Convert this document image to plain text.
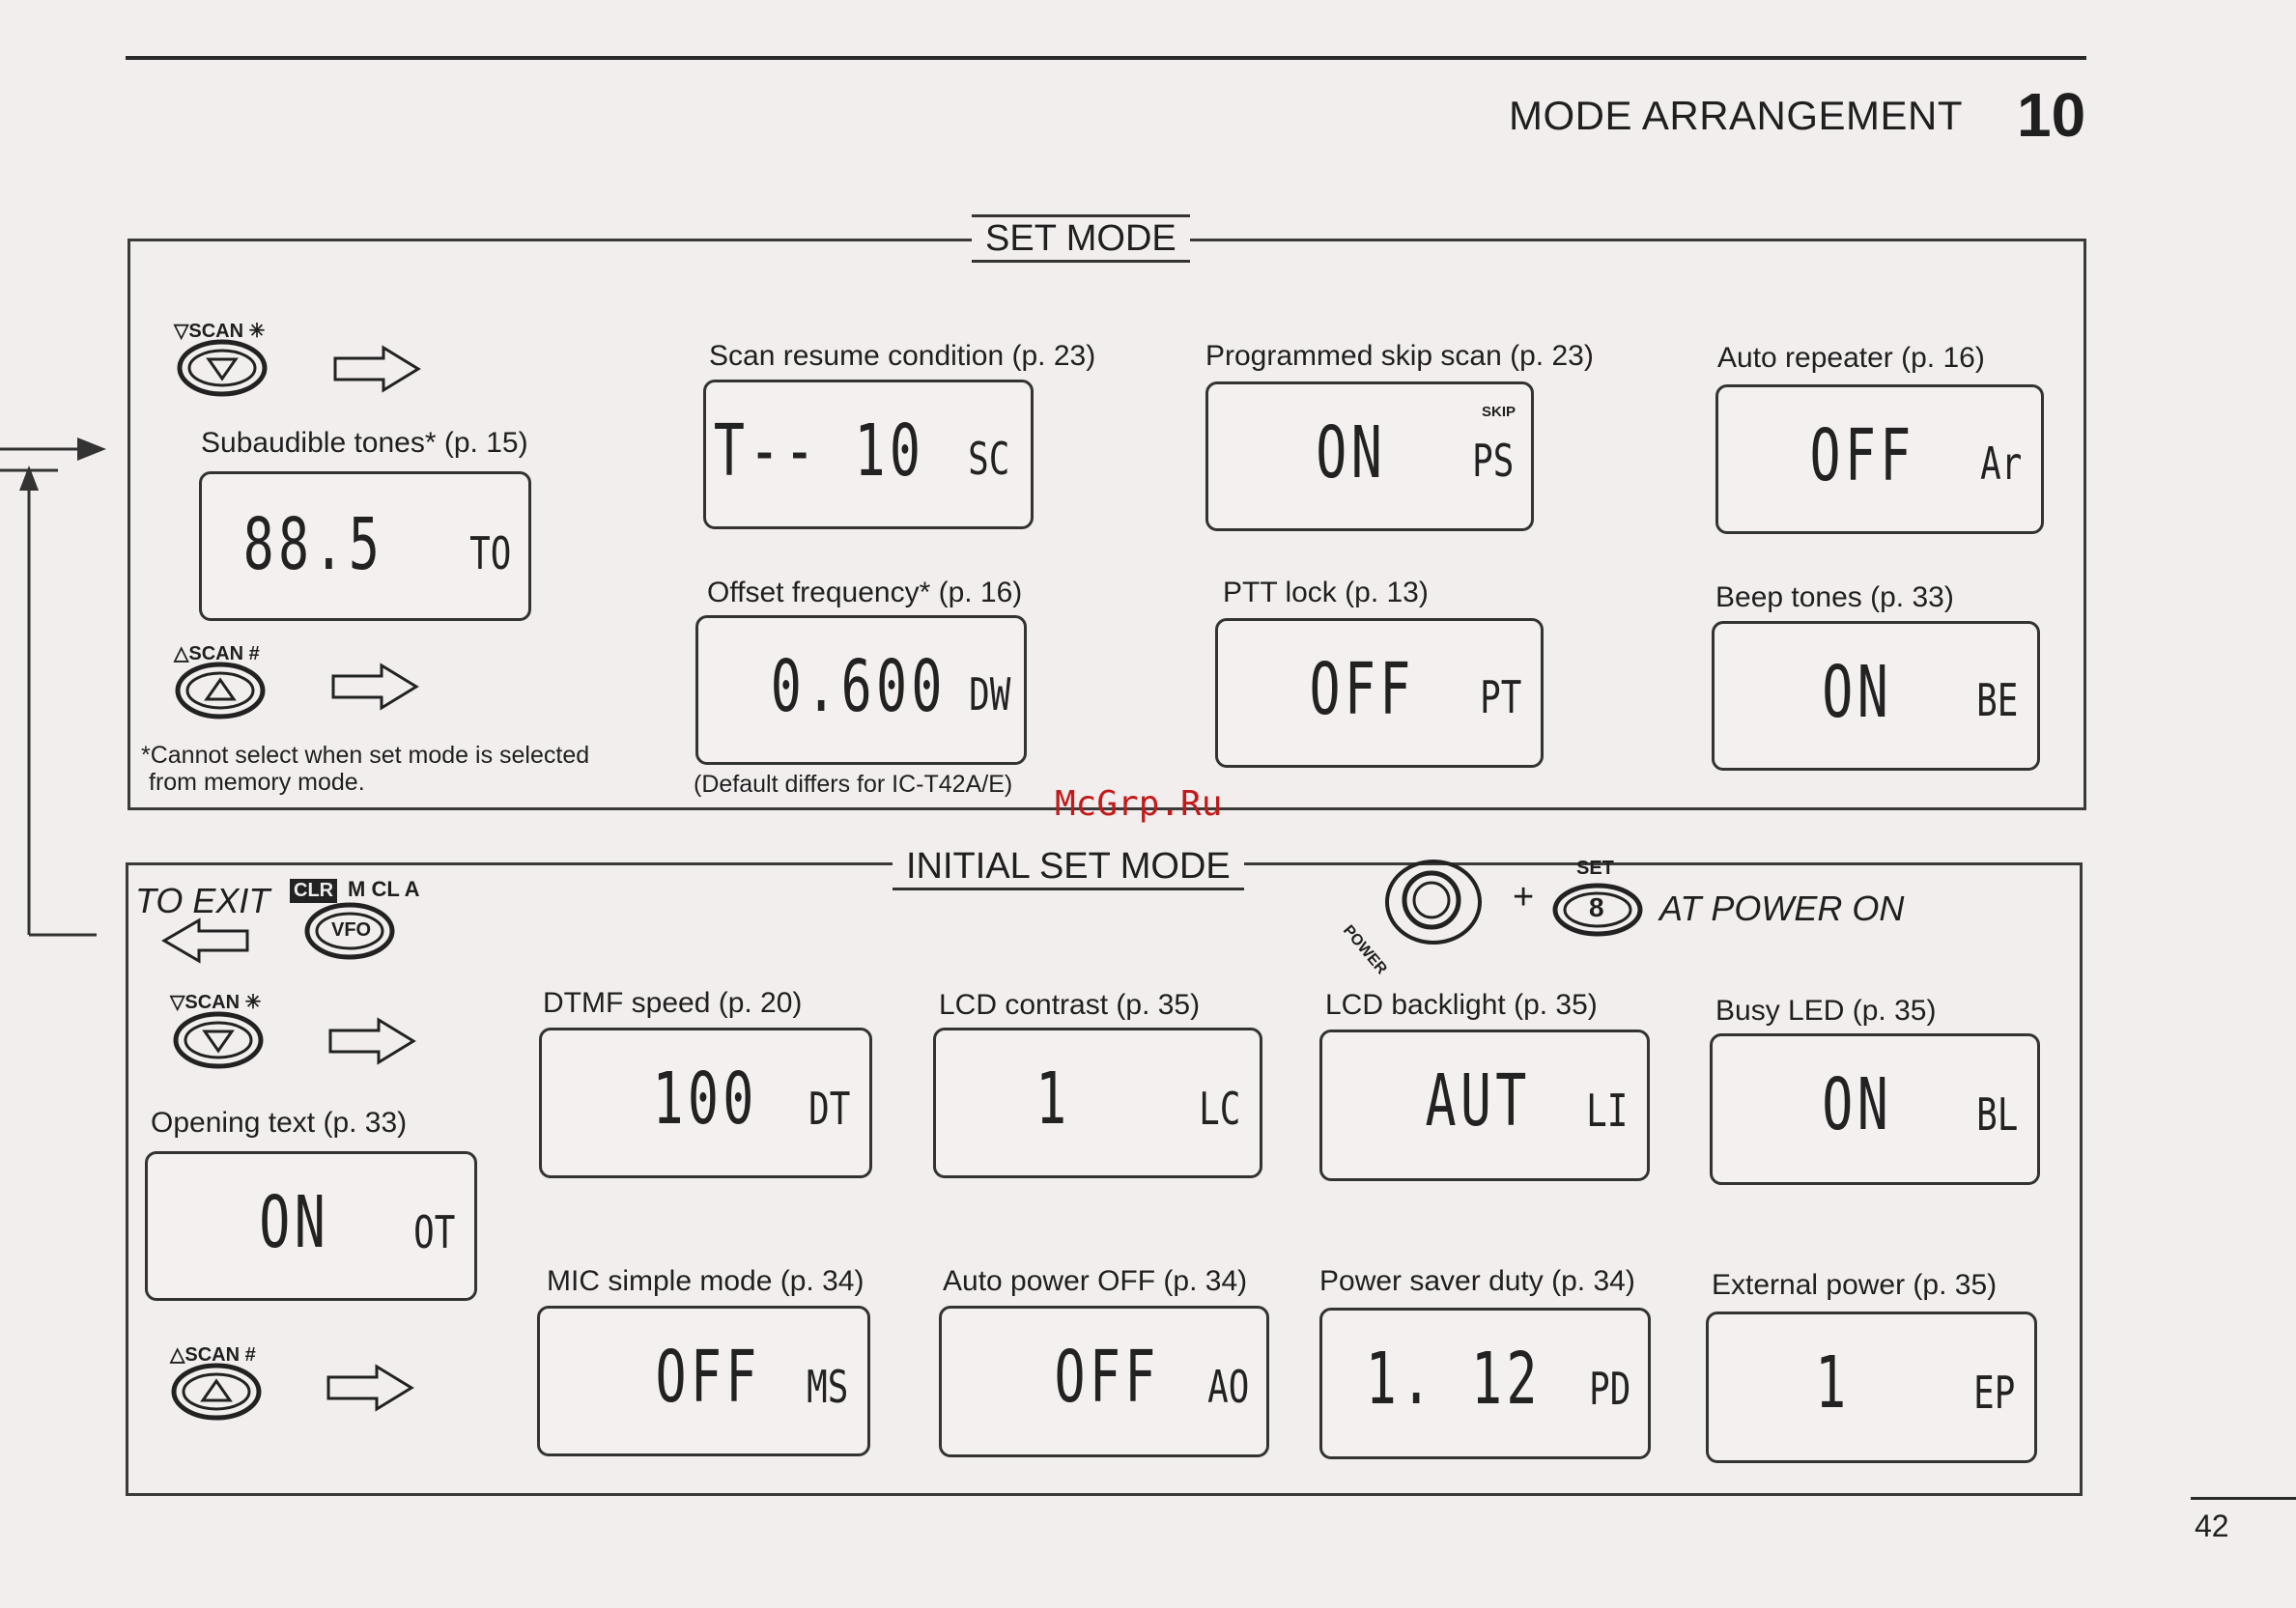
MODE ARRANGEMENT 10
SET MODE
▽SCAN ✳
Subaudible tones* (p. 15)
88.5 TO
△SCAN #
*Cannot select when set mode is selected
from memory mode.
Scan resume condition (p. 23)
T-- 10 SC
Programmed skip scan (p. 23)
SKIP
ON PS
Auto repeater (p. 16)
OFF Ar
Offset frequency* (p. 16)
0.600 DW
(Default differs for IC-T42A/E)
PTT lock (p. 13)
OFF PT
Beep tones (p. 33)
ON BE
McGrp.Ru
INITIAL SET MODE
POWER
+
SET
8 AT POWER ON
TO EXIT CLR M CL A
VFO
▽SCAN ✳
Opening text (p. 33)
ON OT
△SCAN #
DTMF speed (p. 20)
100 DT
LCD contrast (p. 35)
1	LC
LCD backlight (p. 35)
AUT LI
Busy LED (p. 35)
ON BL
MIC simple mode (p. 34)
OFF MS
Auto power OFF (p. 34)
OFF AO
Power saver duty (p. 34)
1. 12 PD
External power (p. 35)
1	EP
42
